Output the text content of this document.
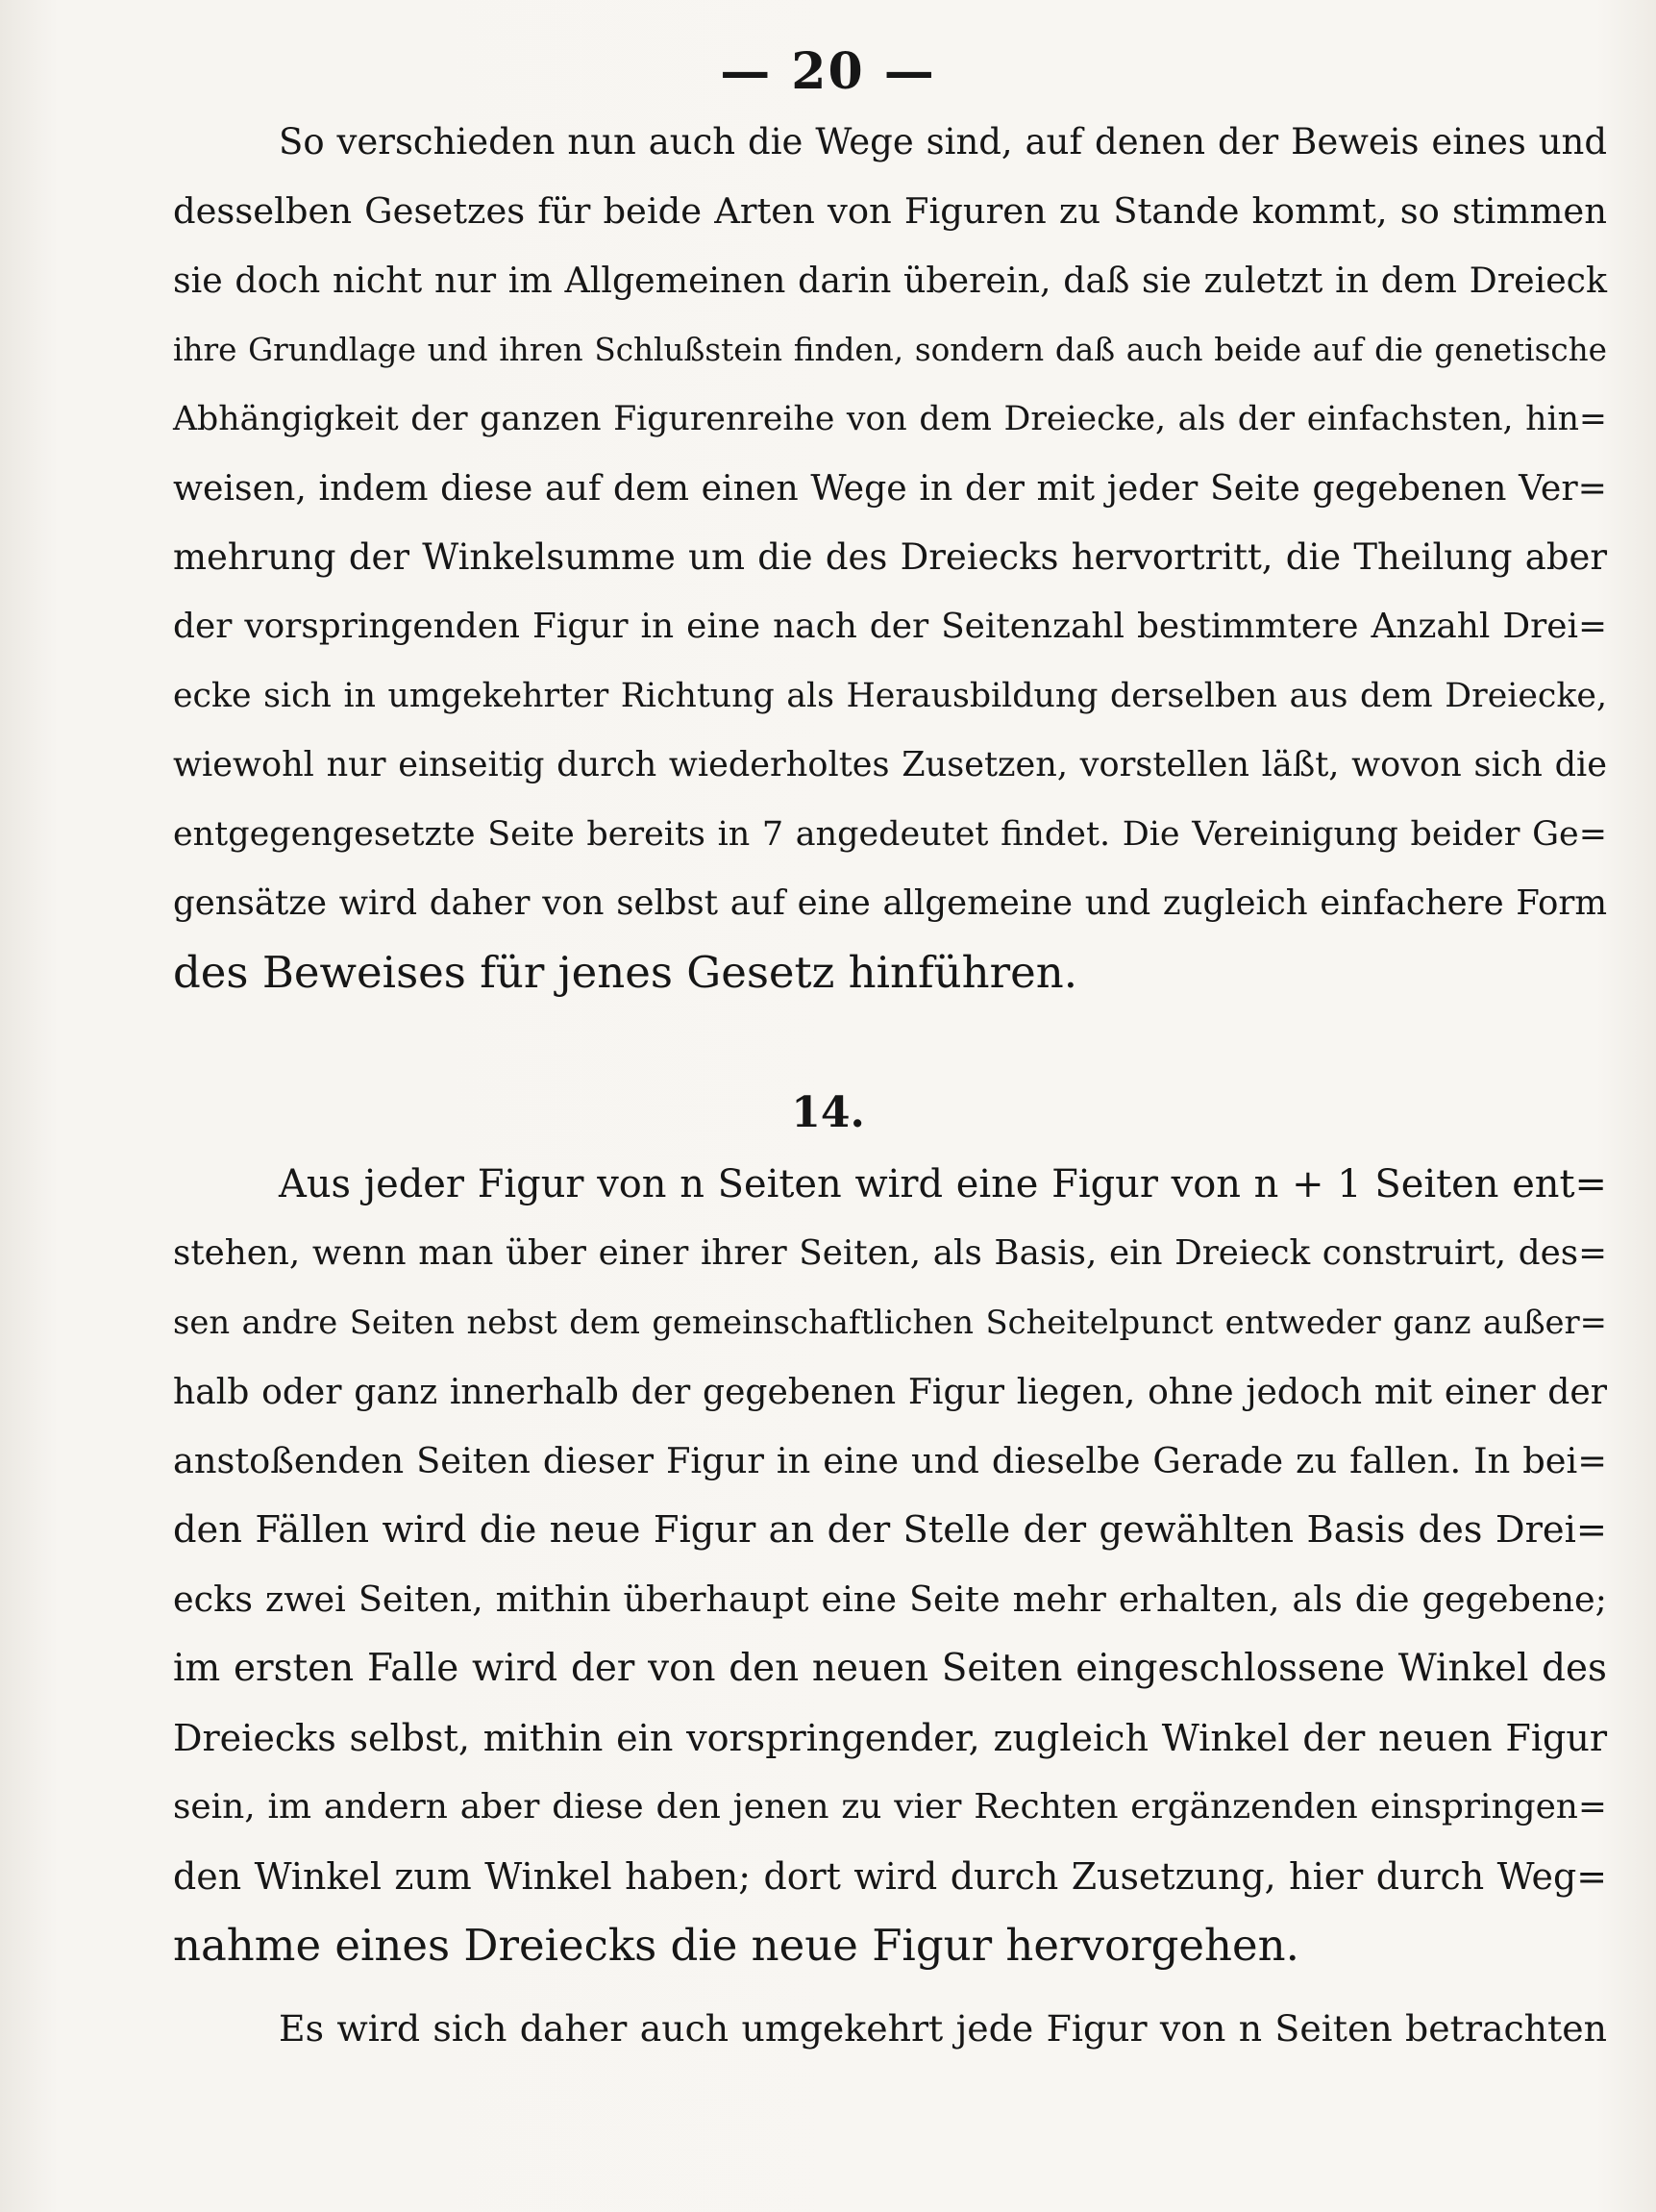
— 20 —
So verschieden nun auch die Wege sind, auf denen der Beweis eines und
desselben Gesetzes für beide Arten von Figuren zu Stande kommt, so stimmen
sie doch nicht nur im Allgemeinen darin überein, daß sie zuletzt in dem Dreieck
ihre Grundlage und ihren Schlußstein finden, sondern daß auch beide auf die genetische
Abhängigkeit der ganzen Figurenreihe von dem Dreiecke, als der einfachsten, hin=
weisen, indem diese auf dem einen Wege in der mit jeder Seite gegebenen Ver=
mehrung der Winkelsumme um die des Dreiecks hervortritt, die Theilung aber
der vorspringenden Figur in eine nach der Seitenzahl bestimmtere Anzahl Drei=
ecke sich in umgekehrter Richtung als Herausbildung derselben aus dem Dreiecke,
wiewohl nur einseitig durch wiederholtes Zusetzen, vorstellen läßt, wovon sich die
entgegengesetzte Seite bereits in 7 angedeutet findet. Die Vereinigung beider Ge=
gensätze wird daher von selbst auf eine allgemeine und zugleich einfachere Form
des Beweises für jenes Gesetz hinführen.
14.
Aus jeder Figur von n Seiten wird eine Figur von n + 1 Seiten ent=
stehen, wenn man über einer ihrer Seiten, als Basis, ein Dreieck construirt, des=
sen andre Seiten nebst dem gemeinschaftlichen Scheitelpunct entweder ganz außer=
halb oder ganz innerhalb der gegebenen Figur liegen, ohne jedoch mit einer der
anstoßenden Seiten dieser Figur in eine und dieselbe Gerade zu fallen. In bei=
den Fällen wird die neue Figur an der Stelle der gewählten Basis des Drei=
ecks zwei Seiten, mithin überhaupt eine Seite mehr erhalten, als die gegebene;
im ersten Falle wird der von den neuen Seiten eingeschlossene Winkel des
Dreiecks selbst, mithin ein vorspringender, zugleich Winkel der neuen Figur
sein, im andern aber diese den jenen zu vier Rechten ergänzenden einspringen=
den Winkel zum Winkel haben; dort wird durch Zusetzung, hier durch Weg=
nahme eines Dreiecks die neue Figur hervorgehen.
Es wird sich daher auch umgekehrt jede Figur von n Seiten betrachten
